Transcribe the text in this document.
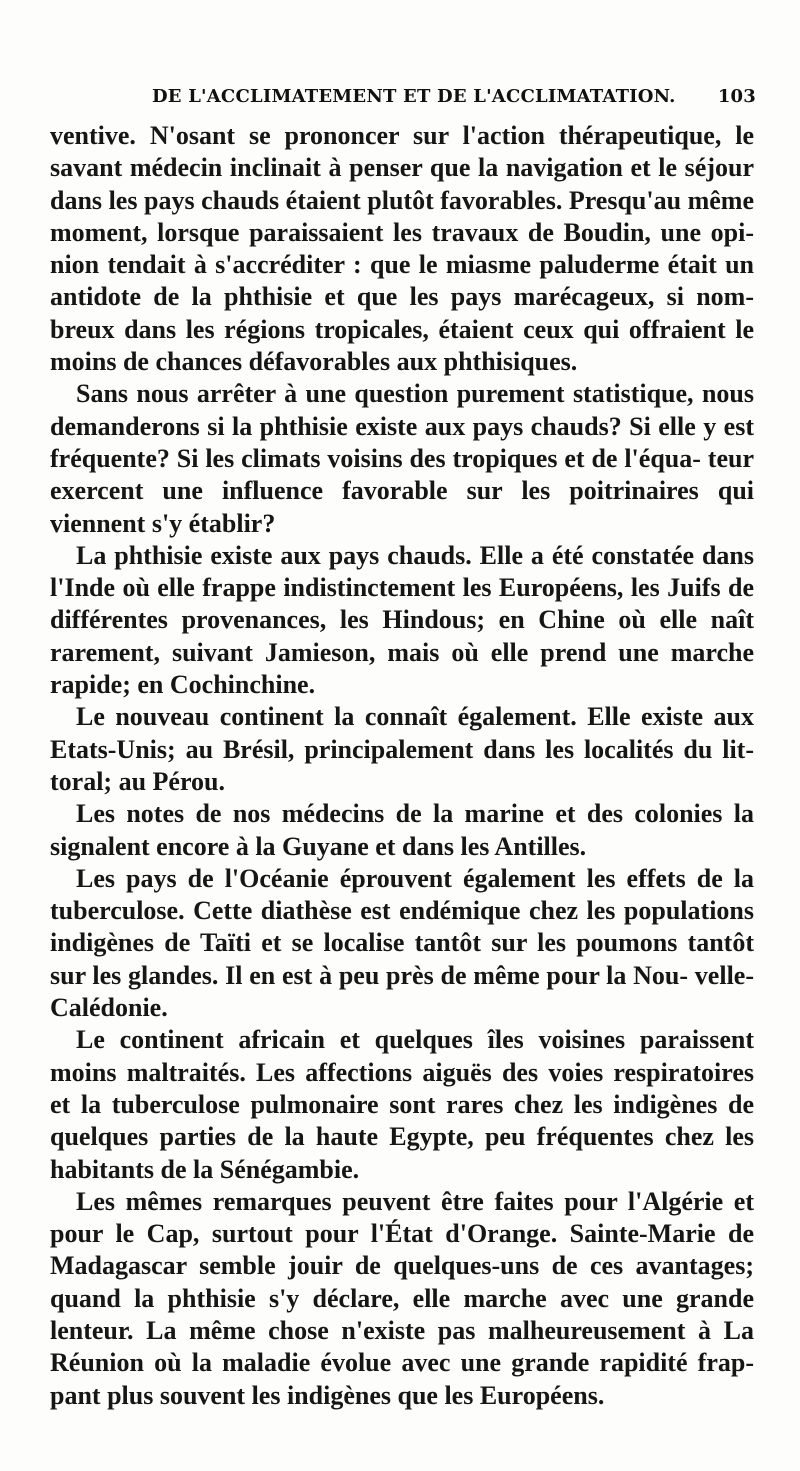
DE L'ACCLIMATEMENT ET DE L'ACCLIMATATION. 103

ventive. N'osant se prononcer sur l'action thérapeutique, le savant médecin inclinait à penser que la navigation et le séjour dans les pays chauds étaient plutôt favorables. Presqu'au même moment, lorsque paraissaient les travaux de Boudin, une opi- nion tendait à s'accréditer : que le miasme paluderme était un antidote de la phthisie et que les pays marécageux, si nom- breux dans les régions tropicales, étaient ceux qui offraient le moins de chances défavorables aux phthisiques.

Sans nous arrêter à une question purement statistique, nous demanderons si la phthisie existe aux pays chauds? Si elle y est fréquente? Si les climats voisins des tropiques et de l'équa- teur exercent une influence favorable sur les poitrinaires qui viennent s'y établir?

La phthisie existe aux pays chauds. Elle a été constatée dans l'Inde où elle frappe indistinctement les Européens, les Juifs de différentes provenances, les Hindous; en Chine où elle naît rarement, suivant Jamieson, mais où elle prend une marche rapide; en Cochinchine.

Le nouveau continent la connaît également. Elle existe aux Etats-Unis; au Brésil, principalement dans les localités du lit- toral; au Pérou.

Les notes de nos médecins de la marine et des colonies la signalent encore à la Guyane et dans les Antilles.

Les pays de l'Océanie éprouvent également les effets de la tuberculose. Cette diathèse est endémique chez les populations indigènes de Taïti et se localise tantôt sur les poumons tantôt sur les glandes. Il en est à peu près de même pour la Nou- velle-Calédonie.

Le continent africain et quelques îles voisines paraissent moins maltraités. Les affections aiguës des voies respiratoires et la tuberculose pulmonaire sont rares chez les indigènes de quelques parties de la haute Egypte, peu fréquentes chez les habitants de la Sénégambie.

Les mêmes remarques peuvent être faites pour l'Algérie et pour le Cap, surtout pour l'État d'Orange. Sainte-Marie de Madagascar semble jouir de quelques-uns de ces avantages; quand la phthisie s'y déclare, elle marche avec une grande lenteur. La même chose n'existe pas malheureusement à La Réunion où la maladie évolue avec une grande rapidité frap- pant plus souvent les indigènes que les Européens.
